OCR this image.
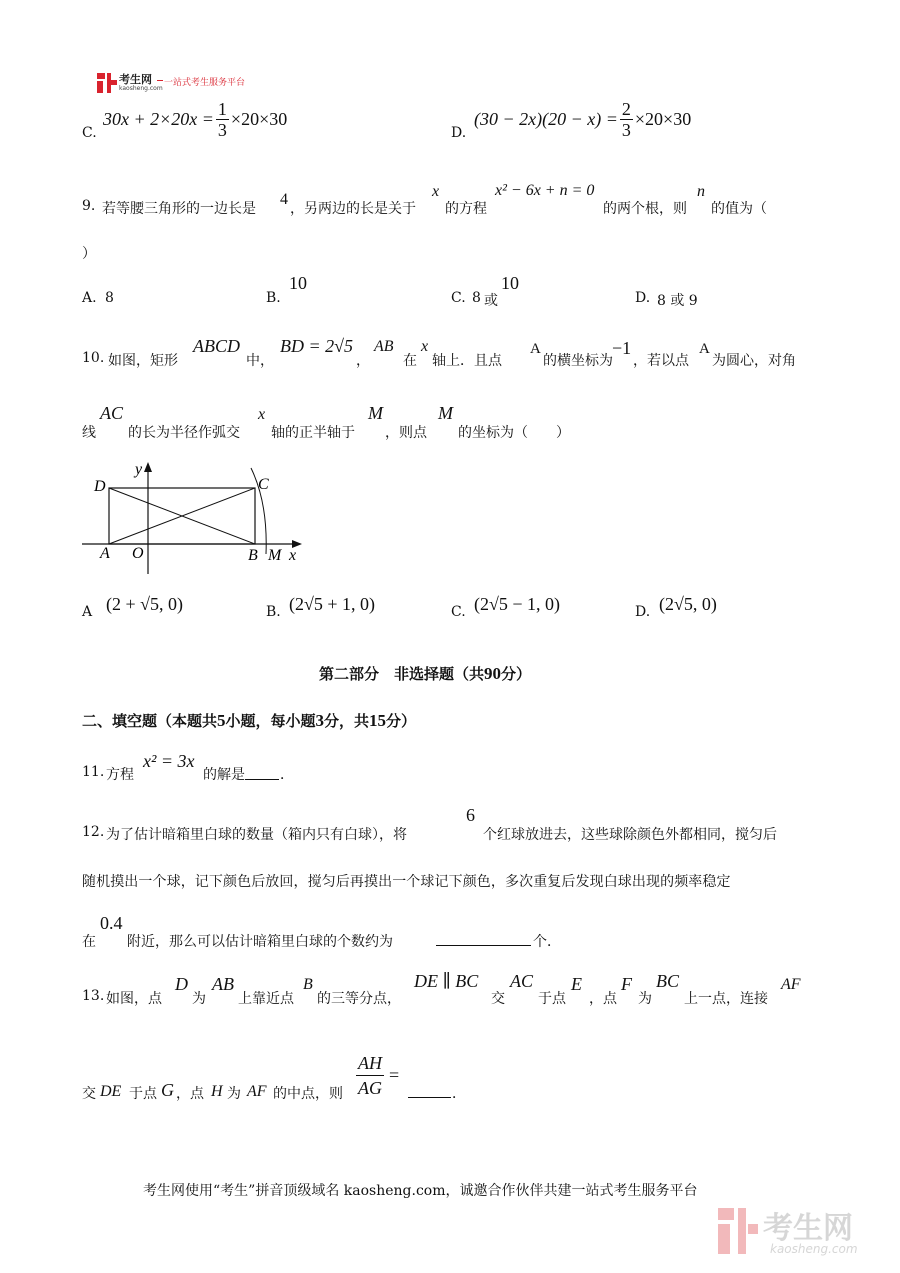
考生网
kaosheng.com
一站式考生服务平台
C.
$30x + 2\times 20x = \frac{1}{3} \times 20\times 30$
D.
$(30 - 2x)(20 - x) = \frac{2}{3} \times 20\times 30$
9. 若等腰三角形的一边长是
4
，另两边的长是关于
x
的方程
x² − 6x + n = 0
的两个根，则
n
的值为（
）
A. 8	B.
10
C. 8 或
10
D. 8 或 9
10. 如图，矩形
ABCD
中，
BD = 2√5
，
AB
在
x
轴上．且点
A
的横坐标为
−1
，若以点
A
为圆心，对角
线
AC
的长为半径作弧交
x
轴的正半轴于
M
，则点
M
的坐标为（　　）
D	C
A O	B M x
y
A (2 + √5, 0)	B. (2√5 + 1, 0)	C. (2√5 − 1, 0)	D. (2√5, 0)
第二部分　非选择题（共90分）
二、填空题（本题共5小题，每小题3分，共15分）
11. 方程
x² = 3x
的解是	．
12. 为了估计暗箱里白球的数量（箱内只有白球），将
6
个红球放进去，这些球除颜色外都相同，搅匀后
随机摸出一个球，记下颜色后放回，搅匀后再摸出一个球记下颜色，多次重复后发现白球出现的频率稳定
在
0.4
附近，那么可以估计暗箱里白球的个数约为	个．
13. 如图，点
D
为
AB
上靠近点
B
的三等分点，
DE ∥ BC
交
AC
于点
E
，点
F
为
BC
上一点，连接
AF
交 DE 于点 G ，点 H 为 AF 的中点，则 $\frac{AH}{AG}$ =
．
考生网使用“考生”拼音顶级域名 kaosheng.com，诚邀合作伙伴共建一站式考生服务平台
考生网
kaosheng.com
